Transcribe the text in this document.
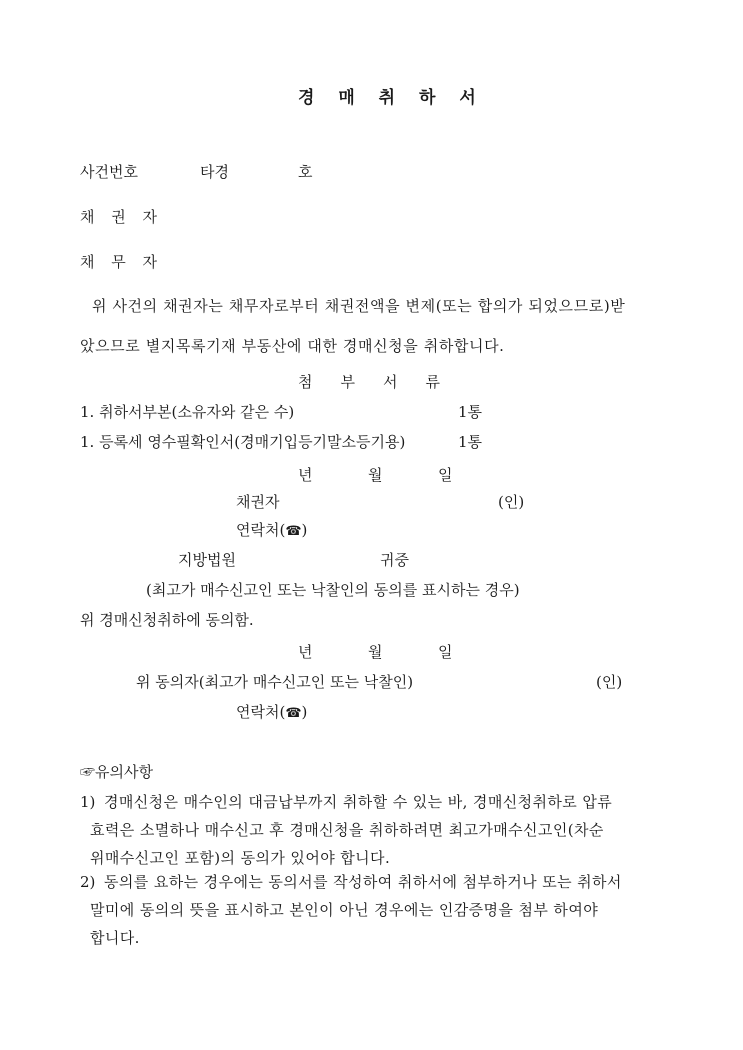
경 매 취 하 서
사건번호	타경	호
채 권 자
채 무 자
위 사건의 채권자는 채무자로부터 채권전액을 변제(또는 합의가 되었으므로)받
았으므로 별지목록기재 부동산에 대한 경매신청을 취하합니다.
첨부서류
1. 취하서부본(소유자와 같은 수)	1통
1. 등록세 영수필확인서(경매기입등기말소등기용)	1통
년	월	일
채권자	(인)
연락처(☎)
지방법원	귀중
(최고가 매수신고인 또는 낙찰인의 동의를 표시하는 경우)
위 경매신청취하에 동의함.
년	월	일
위 동의자(최고가 매수신고인 또는 낙찰인)	(인)
연락처(☎)
☞유의사항
1) 경매신청은 매수인의 대금납부까지 취하할 수 있는 바, 경매신청취하로 압류
효력은 소멸하나 매수신고 후 경매신청을 취하하려면 최고가매수신고인(차순
위매수신고인 포함)의 동의가 있어야 합니다.
2) 동의를 요하는 경우에는 동의서를 작성하여 취하서에 첨부하거나 또는 취하서
말미에 동의의 뜻을 표시하고 본인이 아닌 경우에는 인감증명을 첨부 하여야
합니다.
